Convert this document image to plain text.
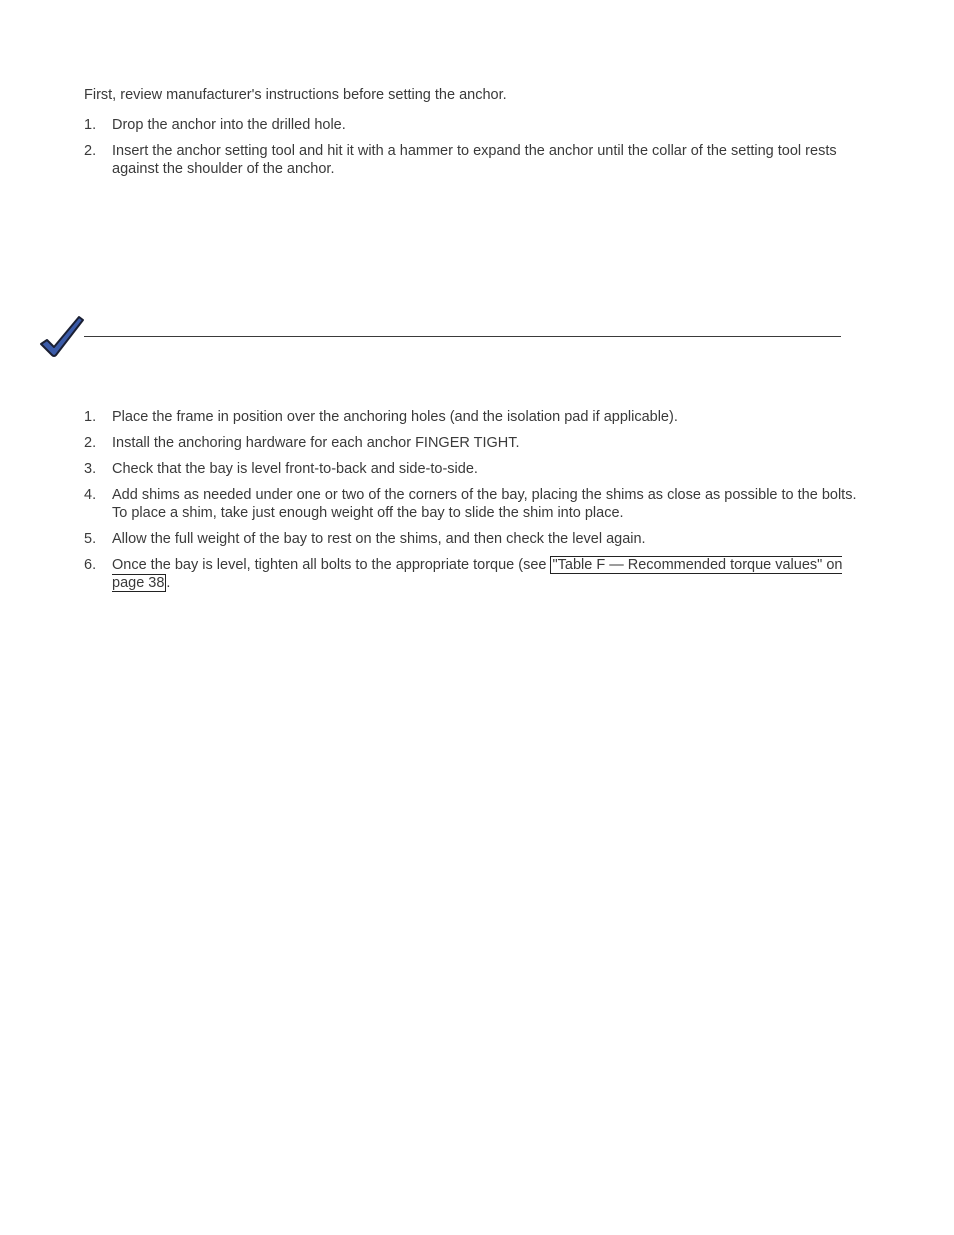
First, review manufacturer's instructions before setting the anchor.
1.	Drop the anchor into the drilled hole.
2.	Insert the anchor setting tool and hit it with a hammer to expand the anchor until the collar of the setting tool rests against the shoulder of the anchor.
1.	Place the frame in position over the anchoring holes (and the isolation pad if applicable).
2.	Install the anchoring hardware for each anchor FINGER TIGHT.
3.	Check that the bay is level front-to-back and side-to-side.
4.	Add shims as needed under one or two of the corners of the bay, placing the shims as close as possible to the bolts. To place a shim, take just enough weight off the bay to slide the shim into place.
5.	Allow the full weight of the bay to rest on the shims, and then check the level again.
6.	Once the bay is level, tighten all bolts to the appropriate torque (see "Table F — Recommended torque values" on page 38 .
